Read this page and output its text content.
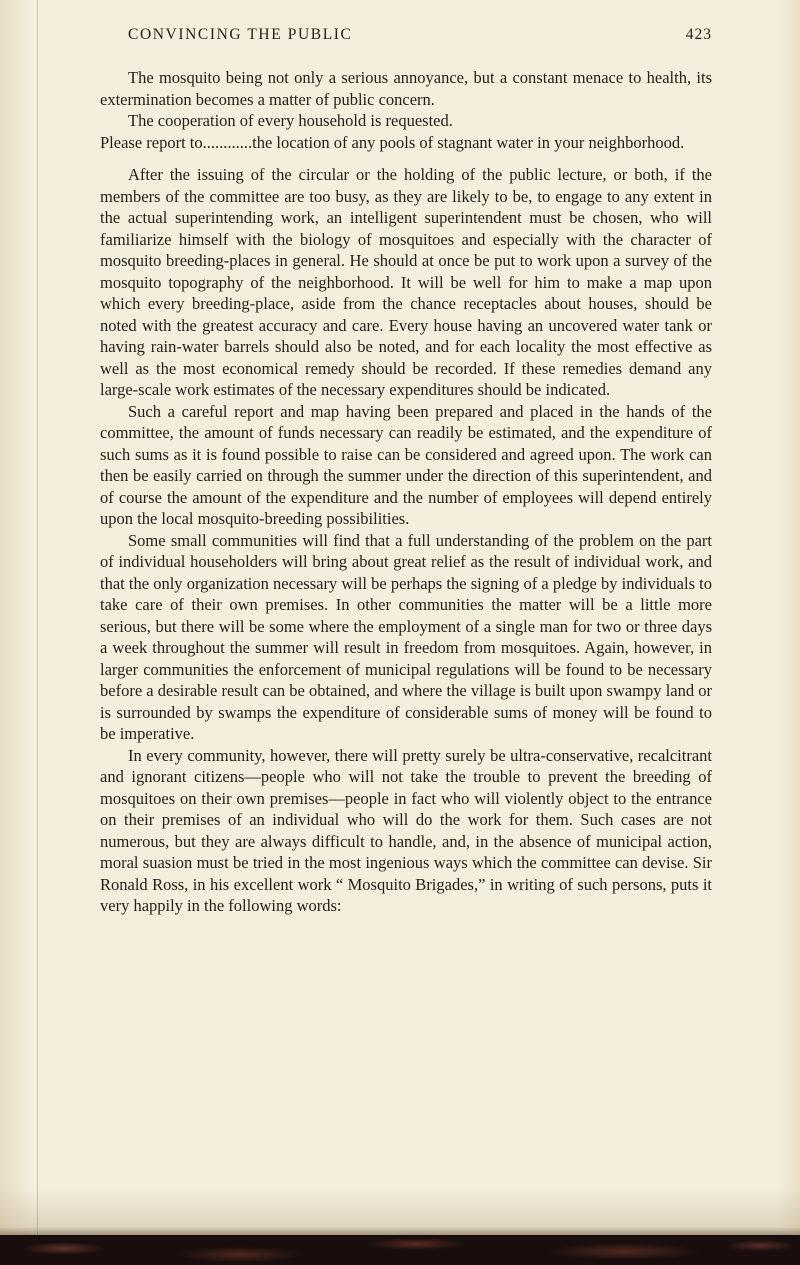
CONVINCING THE PUBLIC	423

The mosquito being not only a serious annoyance, but a constant menace to health, its extermination becomes a matter of public concern.

The cooperation of every household is requested.

Please report to............the location of any pools of stagnant water in your neighborhood.

After the issuing of the circular or the holding of the public lecture, or both, if the members of the committee are too busy, as they are likely to be, to engage to any extent in the actual superintending work, an intelligent superintendent must be chosen, who will familiarize himself with the biology of mosquitoes and especially with the character of mosquito breeding-places in general. He should at once be put to work upon a survey of the mosquito topography of the neighborhood. It will be well for him to make a map upon which every breeding-place, aside from the chance receptacles about houses, should be noted with the greatest accuracy and care. Every house having an uncovered water tank or having rain-water barrels should also be noted, and for each locality the most effective as well as the most economical remedy should be recorded. If these remedies demand any large-scale work estimates of the necessary expenditures should be indicated.

Such a careful report and map having been prepared and placed in the hands of the committee, the amount of funds necessary can readily be estimated, and the expenditure of such sums as it is found possible to raise can be considered and agreed upon. The work can then be easily carried on through the summer under the direction of this superintendent, and of course the amount of the expenditure and the number of employees will depend entirely upon the local mosquito-breeding possibilities.

Some small communities will find that a full understanding of the problem on the part of individual householders will bring about great relief as the result of individual work, and that the only organization necessary will be perhaps the signing of a pledge by individuals to take care of their own premises. In other communities the matter will be a little more serious, but there will be some where the employment of a single man for two or three days a week throughout the summer will result in freedom from mosquitoes. Again, however, in larger communities the enforcement of municipal regulations will be found to be necessary before a desirable result can be obtained, and where the village is built upon swampy land or is surrounded by swamps the expenditure of considerable sums of money will be found to be imperative.

In every community, however, there will pretty surely be ultra-conservative, recalcitrant and ignorant citizens—people who will not take the trouble to prevent the breeding of mosquitoes on their own premises—people in fact who will violently object to the entrance on their premises of an individual who will do the work for them. Such cases are not numerous, but they are always difficult to handle, and, in the absence of municipal action, moral suasion must be tried in the most ingenious ways which the committee can devise. Sir Ronald Ross, in his excellent work “ Mosquito Brigades,” in writing of such persons, puts it very happily in the following words:
